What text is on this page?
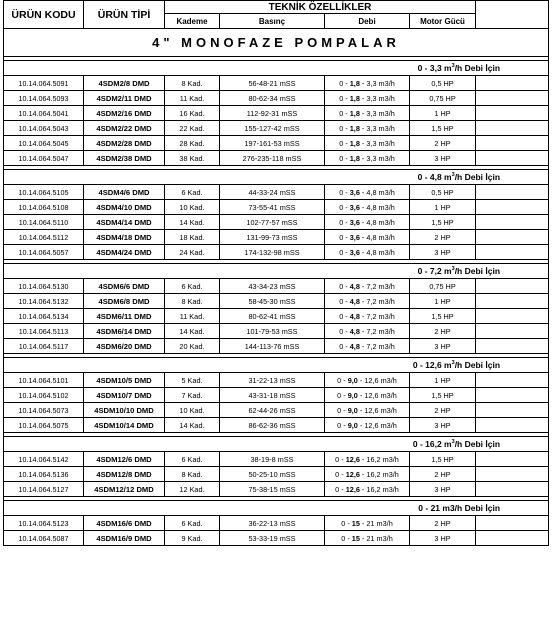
ÜRÜN KODU	ÜRÜN TİPİ	TEKNİK ÖZELLİKLER				
		Kademe	Basınç	Debi	Motor Gücü	
4" MONOFAZE POMPALAR						

0 - 3,3 $m^3/h$ Debi İçin						
10.14.064.5091	4SDM2/8 DMD	8 Kad.	56-48-21 mSS	0 - 1,8 - 3,3 m3/h	0,5 HP	
10.14.064.5093	4SDM2/11 DMD	11 Kad.	80-62-34 mSS	0 - 1,8 - 3,3 m3/h	0,75 HP	
10.14.064.5041	4SDM2/16 DMD	16 Kad.	112-92-31 mSS	0 - 1,8 - 3,3 m3/h	1 HP	
10.14.064.5043	4SDM2/22 DMD	22 Kad.	155-127-42 mSS	0 - 1,8 - 3,3 m3/h	1,5 HP	
10.14.064.5045	4SDM2/28 DMD	28 Kad.	197-161-53 mSS	0 - 1,8 - 3,3 m3/h	2 HP	
10.14.064.5047	4SDM2/38 DMD	38 Kad.	276-235-118 mSS	0 - 1,8 - 3,3 m3/h	3 HP	

0 - 4,8 $m^3/h$ Debi İçin						
10.14.064.5105	4SDM4/6 DMD	6 Kad.	44-33-24 mSS	0 - 3,6 - 4,8 m3/h	0,5 HP	
10.14.064.5108	4SDM4/10 DMD	10 Kad.	73-55-41 mSS	0 - 3,6 - 4,8 m3/h	1 HP	
10.14.064.5110	4SDM4/14 DMD	14 Kad.	102-77-57 mSS	0 - 3,6 - 4,8 m3/h	1,5 HP	
10.14.064.5112	4SDM4/18 DMD	18 Kad.	131-99-73 mSS	0 - 3,6 - 4,8 m3/h	2 HP	
10.14.064.5057	4SDM4/24 DMD	24 Kad.	174-132-98 mSS	0 - 3,6 - 4,8 m3/h	3 HP	

0 - 7,2 $m^3/h$ Debi İçin						
10.14.064.5130	4SDM6/6 DMD	6 Kad.	43-34-23 mSS	0 - 4,8 - 7,2 m3/h	0,75 HP	
10.14.064.5132	4SDM6/8 DMD	8 Kad.	58-45-30 mSS	0 - 4,8 - 7,2 m3/h	1 HP	
10.14.064.5134	4SDM6/11 DMD	11 Kad.	80-62-41 mSS	0 - 4,8 - 7,2 m3/h	1,5 HP	
10.14.064.5113	4SDM6/14 DMD	14 Kad.	101-79-53 mSS	0 - 4,8 - 7,2 m3/h	2 HP	
10.14.064.5117	4SDM6/20 DMD	20 Kad.	144-113-76 mSS	0 - 4,8 - 7,2 m3/h	3 HP	

0 - 12,6 $m^3/h$ Debi İçin						
10.14.064.5101	4SDM10/5 DMD	5 Kad.	31-22-13 mSS	0 - 9,0 - 12,6 m3/h	1 HP	
10.14.064.5102	4SDM10/7 DMD	7 Kad.	43-31-18 mSS	0 - 9,0 - 12,6 m3/h	1,5 HP	
10.14.064.5073	4SDM10/10 DMD	10 Kad.	62-44-26 mSS	0 - 9,0 - 12,6 m3/h	2 HP	
10.14.064.5075	4SDM10/14 DMD	14 Kad.	86-62-36 mSS	0 - 9,0 - 12,6 m3/h	3 HP	

0 - 16,2 $m^3/h$ Debi İçin						
10.14.064.5142	4SDM12/6 DMD	6 Kad.	38-19-8 mSS	0 - 12,6 - 16,2 m3/h	1,5 HP	
10.14.064.5136	4SDM12/8 DMD	8 Kad.	50-25-10 mSS	0 - 12,6 - 16,2 m3/h	2 HP	
10.14.064.5127	4SDM12/12 DMD	12 Kad.	75-38-15 mSS	0 - 12,6 - 16,2 m3/h	3 HP	

0 - 21 m3/h Debi İçin						
10.14.064.5123	4SDM16/6 DMD	6 Kad.	36-22-13 mSS	0 - 15 - 21 m3/h	2 HP	
10.14.064.5087	4SDM16/9 DMD	9 Kad.	53-33-19 mSS	0 - 15 - 21 m3/h	3 HP	
